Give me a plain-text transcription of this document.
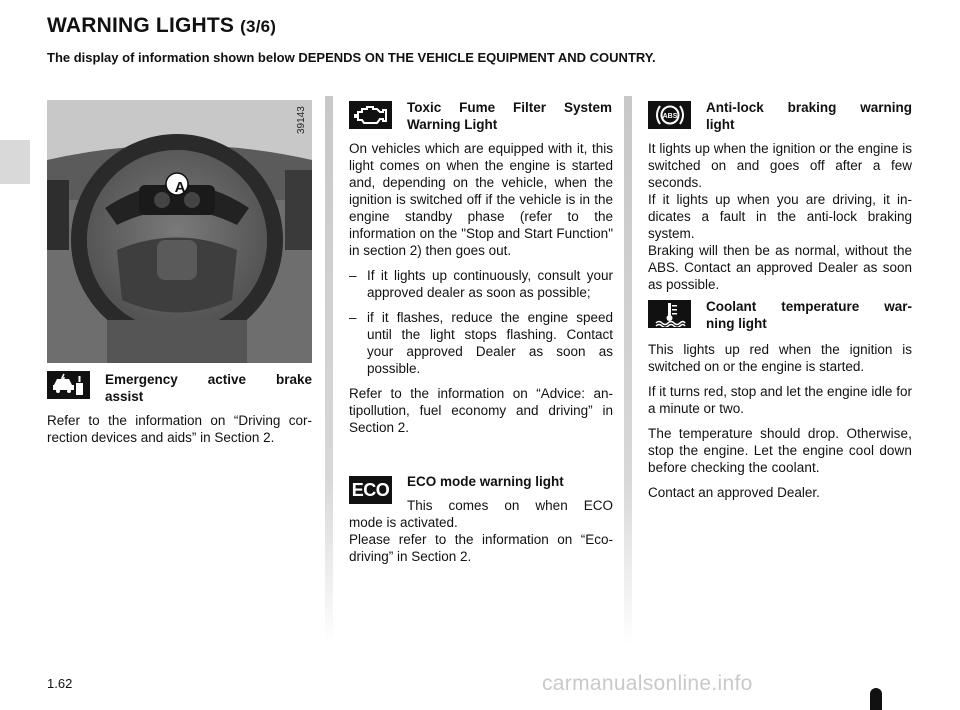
WARNING LIGHTS (3/6)
The display of information shown below DEPENDS ON THE VEHICLE EQUIPMENT AND COUNTRY.
A
39143
Emergency active brake
assist

Refer to the information on “Driving cor-rection devices and aids” in Section 2.

Toxic Fume Filter System
Warning Light

On vehicles which are equipped with it, this light comes on when the engine is started and, depending on the vehicle, when the ignition is switched off if the vehicle is in the engine standby phase (refer to the information on the "Stop and Start Function" in section 2) then goes out.

– If it lights up continuously, consult your approved dealer as soon as possible;
– if it flashes, reduce the engine speed until the light stops flashing. Contact your approved Dealer as soon as possible.

Refer to the information on “Advice: an-tipollution, fuel economy and driving” in Section 2.

ECO ECO mode warning light
This comes on when ECO
mode is activated.
Please refer to the information on “Eco-driving” in Section 2.
ABS
Anti-lock braking warning
light

It lights up when the ignition or the engine is switched on and goes off after a few seconds.

If it lights up when you are driving, it in-dicates a fault in the anti-lock braking system.

Braking will then be as normal, without the ABS. Contact an approved Dealer as soon as possible.

Coolant temperature war-
ning light

This lights up red when the ignition is switched on or the engine is started.

If it turns red, stop and let the engine idle for a minute or two.

The temperature should drop. Otherwise, stop the engine. Let the engine cool down before checking the coolant.

Contact an approved Dealer.

1.62	carmanualsonline.info
